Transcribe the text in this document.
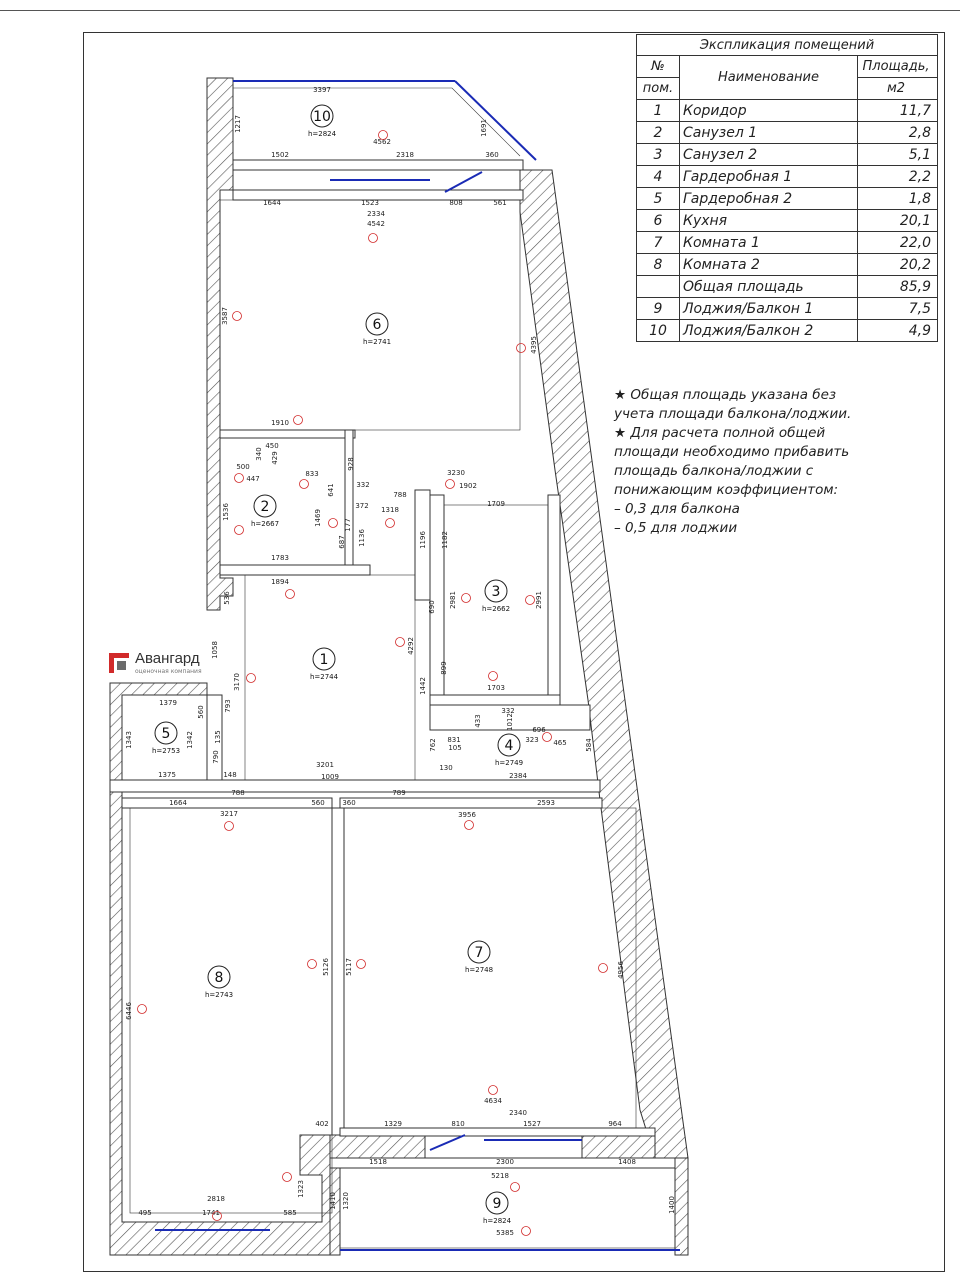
10
h=2824
6
h=2741
2
h=2667
3
h=2662
1
h=2744
5
h=2753	4
h=2749
8
h=2743
7
h=2748
9
h=2824
3397
1217
4562
1502	2318	360
1691
1644	1523	808	561
2334
4542
3587
4395
1910
500
450
340 429
833
928
447
641
1536	1469
1783
332
372
687
177
1136
788
3230
1318
1902
1894
536
1058
3170
4292
1442
3201
1009
788
560	360
789
1709
1196 1182
2981	2991
690
899
1703
433
332
1012
105
831
696
323 465
762
130
2384
584
1379
560	793
1343	1342	135
790
1375	148
1664
3217
6446
5126
402
1323
2818
495	1741	585
2593
3956
5117	4956
4634
1329	810
2340
1527	964
1518	2300	1408
5218
1410 1320	1400
5385
Экспликация помещений		
№	Наименование	Площадь,
пом.		м2
1	Коридор	11,7
2	Санузел 1	2,8
3	Санузел 2	5,1
4	Гардеробная 1	2,2
5	Гардеробная 2	1,8
6	Кухня	20,1
7	Комната 1	22,0
8	Комната 2	20,2
	Общая площадь	85,9
9	Лоджия/Балкон 1	7,5
10	Лоджия/Балкон 2	4,9
★ Общая площадь указана без
учета площади балкона/лоджии.
★ Для расчета полной общей
площади необходимо прибавить
площадь балкона/лоджии с
понижающим коэффициентом:
– 0,3 для балкона
– 0,5 для лоджии
Авангард
оценочная компания
